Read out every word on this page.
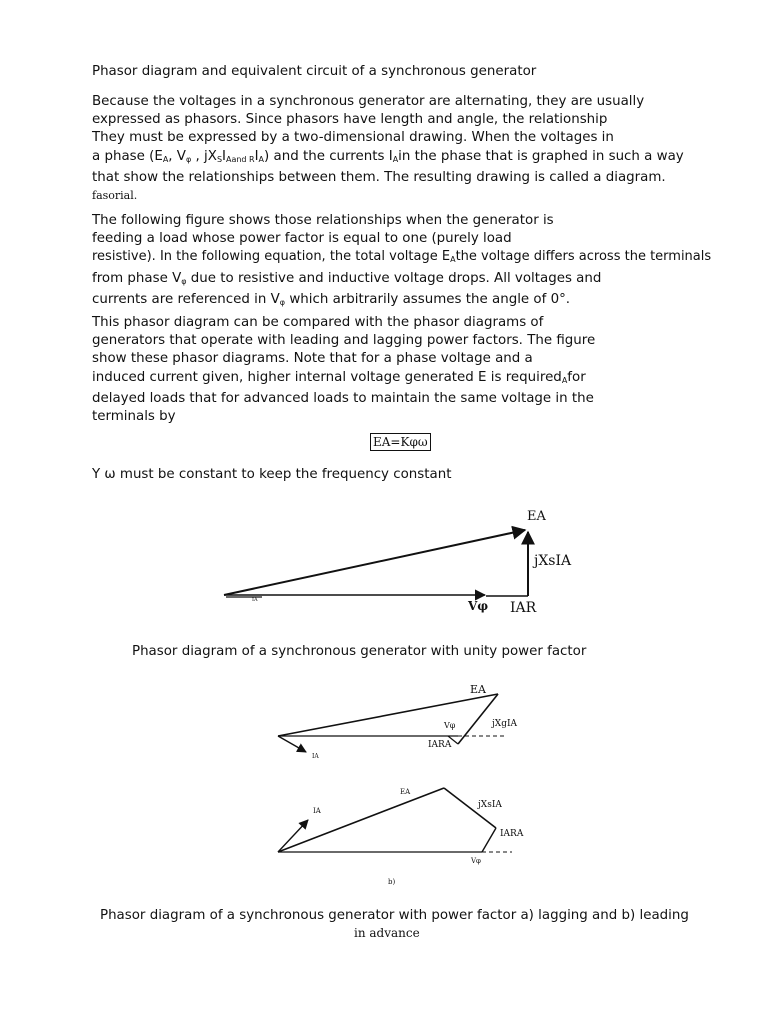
Phasor diagram and equivalent circuit of a synchronous generator
Because the voltages in a synchronous generator are alternating, they are usually
expressed as phasors. Since phasors have length and angle, the relationship
They must be expressed by a two-dimensional drawing. When the voltages in
a phase ($E_A$, $V_\varphi$ , $jX_SI_{Aand R}I_A$) and the currents $I_Ain$ the phase that is graphed in such a way
that show the relationships between them. The resulting drawing is called a diagram.
fasorial.
The following figure shows those relationships when the generator is
feeding a load whose power factor is equal to one (purely load
resistive). In the following equation, the total voltage $E_Athe$ voltage differs across the terminals
from phase $V_\varphi$ due to resistive and inductive voltage drops. All voltages and
currents are referenced in $V_\varphi$ which arbitrarily assumes the angle of 0°.
This phasor diagram can be compared with the phasor diagrams of
generators that operate with leading and lagging power factors. The figure
show these phasor diagrams. Note that for a phase voltage and a
induced current given, higher internal voltage generated E is required$_A$for
delayed loads that for advanced loads to maintain the same voltage in the
terminals by
EA=Kφω
Y ω must be constant to keep the frequency constant
EA
jXsIA
Vφ IAR
IA
Phasor diagram of a synchronous generator with unity power factor
EA
Vφ	jXgIA
IARA
IA
IA
EA
jXsIA
IARA
Vφ
b)
Phasor diagram of a synchronous generator with power factor a) lagging and b) leading
in advance
